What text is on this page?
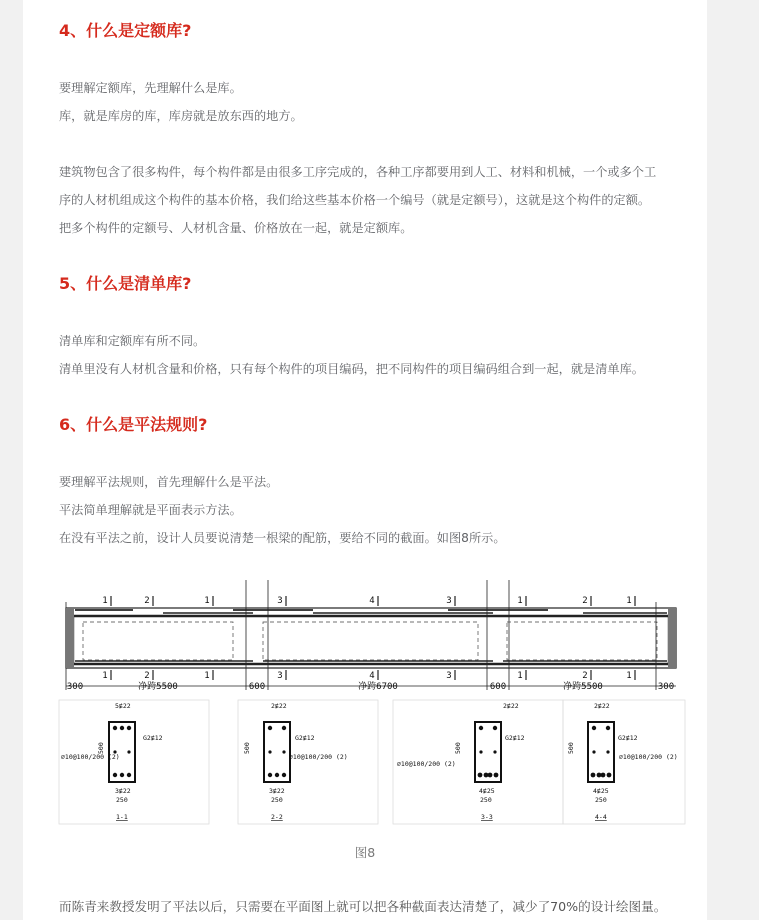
4、什么是定额库?

要理解定额库，先理解什么是库。

库，就是库房的库，库房就是放东西的地方。

建筑物包含了很多构件，每个构件都是由很多工序完成的，各种工序都要用到人工、材料和机械，一个或多个工

序的人材机组成这个构件的基本价格，我们给这些基本价格一个编号（就是定额号），这就是这个构件的定额。

把多个构件的定额号、人材机含量、价格放在一起，就是定额库。

5、什么是清单库?

清单库和定额库有所不同。

清单里没有人材机含量和价格，只有每个构件的项目编码，把不同构件的项目编码组合到一起，就是清单库。

6、什么是平法规则?

要理解平法规则，首先理解什么是平法。

平法简单理解就是平面表示方法。

在没有平法之前，设计人员要说清楚一根梁的配筋，要给不同的截面。如图8所示。

1	2	1	3	4	3	1	2	1
1	2	1	3	4	3	1	2	1
300	净跨5500	600	净跨6700	600	净跨5500	300
5⊈22
G2⊈12
⌀10@100/200 (2)
3⊈22
250
500
1-1
2⊈22
G2⊈12
⌀10@100/200 (2)
3⊈22
250
500
2-2
2⊈22
G2⊈12
⌀10@100/200 (2)
4⊈25
250
500
3-3
2⊈22
G2⊈12
⌀10@100/200 (2)
4⊈25
250
500
4-4
图8

而陈青来教授发明了平法以后，只需要在平面图上就可以把各种截面表达清楚了，减少了70%的设计绘图量。
